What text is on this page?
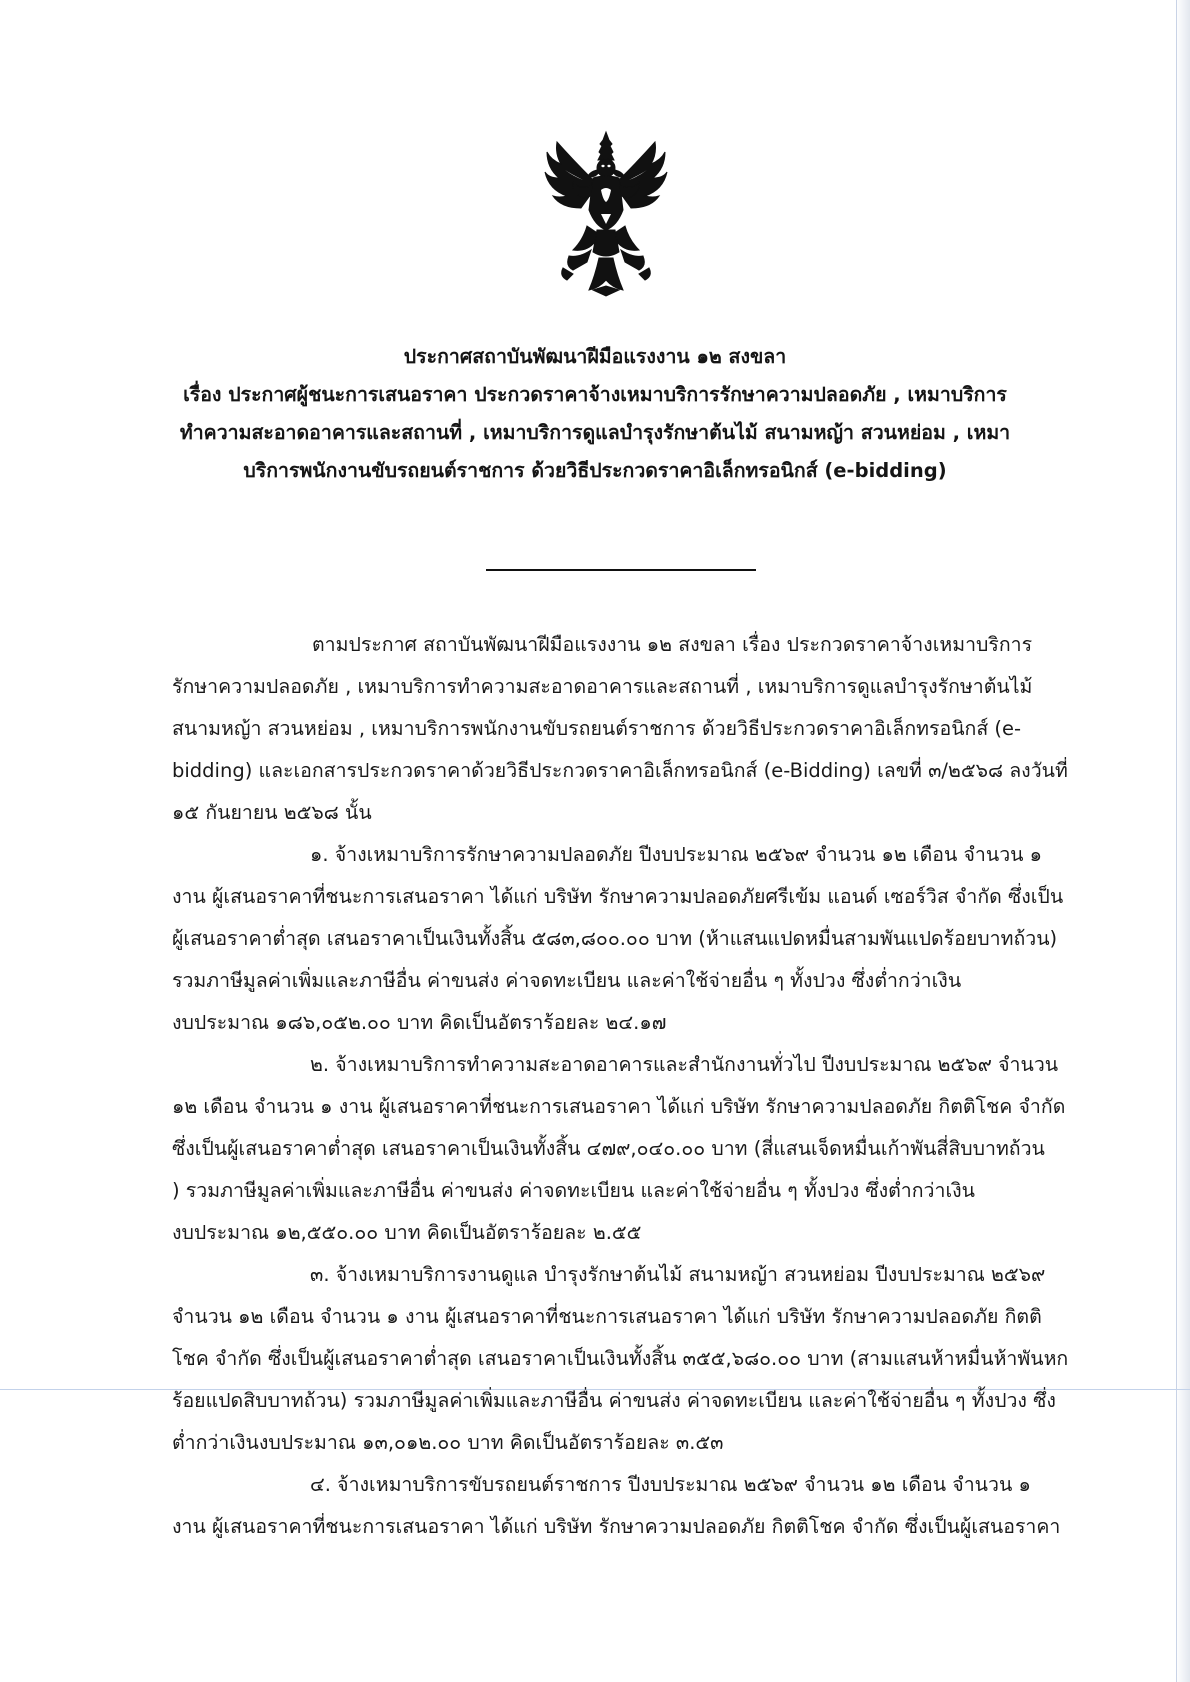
ประกาศสถาบันพัฒนาฝีมือแรงงาน ๑๒ สงขลา
เรื่อง ประกาศผู้ชนะการเสนอราคา ประกวดราคาจ้างเหมาบริการรักษาความปลอดภัย , เหมาบริการ
ทำความสะอาดอาคารและสถานที่ , เหมาบริการดูแลบำรุงรักษาต้นไม้ สนามหญ้า สวนหย่อม , เหมา
บริการพนักงานขับรถยนต์ราชการ ด้วยวิธีประกวดราคาอิเล็กทรอนิกส์ (e-bidding)
ตามประกาศ สถาบันพัฒนาฝีมือแรงงาน ๑๒ สงขลา เรื่อง ประกวดราคาจ้างเหมาบริการ
รักษาความปลอดภัย , เหมาบริการทำความสะอาดอาคารและสถานที่ , เหมาบริการดูแลบำรุงรักษาต้นไม้
สนามหญ้า สวนหย่อม , เหมาบริการพนักงานขับรถยนต์ราชการ ด้วยวิธีประกวดราคาอิเล็กทรอนิกส์ (e-
bidding) และเอกสารประกวดราคาด้วยวิธีประกวดราคาอิเล็กทรอนิกส์ (e-Bidding) เลขที่ ๓/๒๕๖๘ ลงวันที่
๑๕ กันยายน ๒๕๖๘ นั้น
๑. จ้างเหมาบริการรักษาความปลอดภัย ปีงบประมาณ ๒๕๖๙ จำนวน ๑๒ เดือน จำนวน ๑
งาน ผู้เสนอราคาที่ชนะการเสนอราคา ได้แก่ บริษัท รักษาความปลอดภัยศรีเข้ม แอนด์ เซอร์วิส จำกัด ซึ่งเป็น
ผู้เสนอราคาต่ำสุด เสนอราคาเป็นเงินทั้งสิ้น ๕๘๓,๘๐๐.๐๐ บาท (ห้าแสนแปดหมื่นสามพันแปดร้อยบาทถ้วน)
รวมภาษีมูลค่าเพิ่มและภาษีอื่น ค่าขนส่ง ค่าจดทะเบียน และค่าใช้จ่ายอื่น ๆ ทั้งปวง ซึ่งต่ำกว่าเงิน
งบประมาณ ๑๘๖,๐๕๒.๐๐ บาท คิดเป็นอัตราร้อยละ ๒๔.๑๗
๒. จ้างเหมาบริการทำความสะอาดอาคารและสำนักงานทั่วไป ปีงบประมาณ ๒๕๖๙ จำนวน
๑๒ เดือน จำนวน ๑ งาน ผู้เสนอราคาที่ชนะการเสนอราคา ได้แก่ บริษัท รักษาความปลอดภัย กิตติโชค จำกัด
ซึ่งเป็นผู้เสนอราคาต่ำสุด เสนอราคาเป็นเงินทั้งสิ้น ๔๗๙,๐๔๐.๐๐ บาท (สี่แสนเจ็ดหมื่นเก้าพันสี่สิบบาทถ้วน
) รวมภาษีมูลค่าเพิ่มและภาษีอื่น ค่าขนส่ง ค่าจดทะเบียน และค่าใช้จ่ายอื่น ๆ ทั้งปวง ซึ่งต่ำกว่าเงิน
งบประมาณ ๑๒,๕๕๐.๐๐ บาท คิดเป็นอัตราร้อยละ ๒.๕๕
๓. จ้างเหมาบริการงานดูแล บำรุงรักษาต้นไม้ สนามหญ้า สวนหย่อม ปีงบประมาณ ๒๕๖๙
จำนวน ๑๒ เดือน จำนวน ๑ งาน ผู้เสนอราคาที่ชนะการเสนอราคา ได้แก่ บริษัท รักษาความปลอดภัย กิตติ
โชค จำกัด ซึ่งเป็นผู้เสนอราคาต่ำสุด เสนอราคาเป็นเงินทั้งสิ้น ๓๕๕,๖๘๐.๐๐ บาท (สามแสนห้าหมื่นห้าพันหก
ร้อยแปดสิบบาทถ้วน) รวมภาษีมูลค่าเพิ่มและภาษีอื่น ค่าขนส่ง ค่าจดทะเบียน และค่าใช้จ่ายอื่น ๆ ทั้งปวง ซึ่ง
ต่ำกว่าเงินงบประมาณ ๑๓,๐๑๒.๐๐ บาท คิดเป็นอัตราร้อยละ ๓.๕๓
๔. จ้างเหมาบริการขับรถยนต์ราชการ ปีงบประมาณ ๒๕๖๙ จำนวน ๑๒ เดือน จำนวน ๑
งาน ผู้เสนอราคาที่ชนะการเสนอราคา ได้แก่ บริษัท รักษาความปลอดภัย กิตติโชค จำกัด ซึ่งเป็นผู้เสนอราคา
